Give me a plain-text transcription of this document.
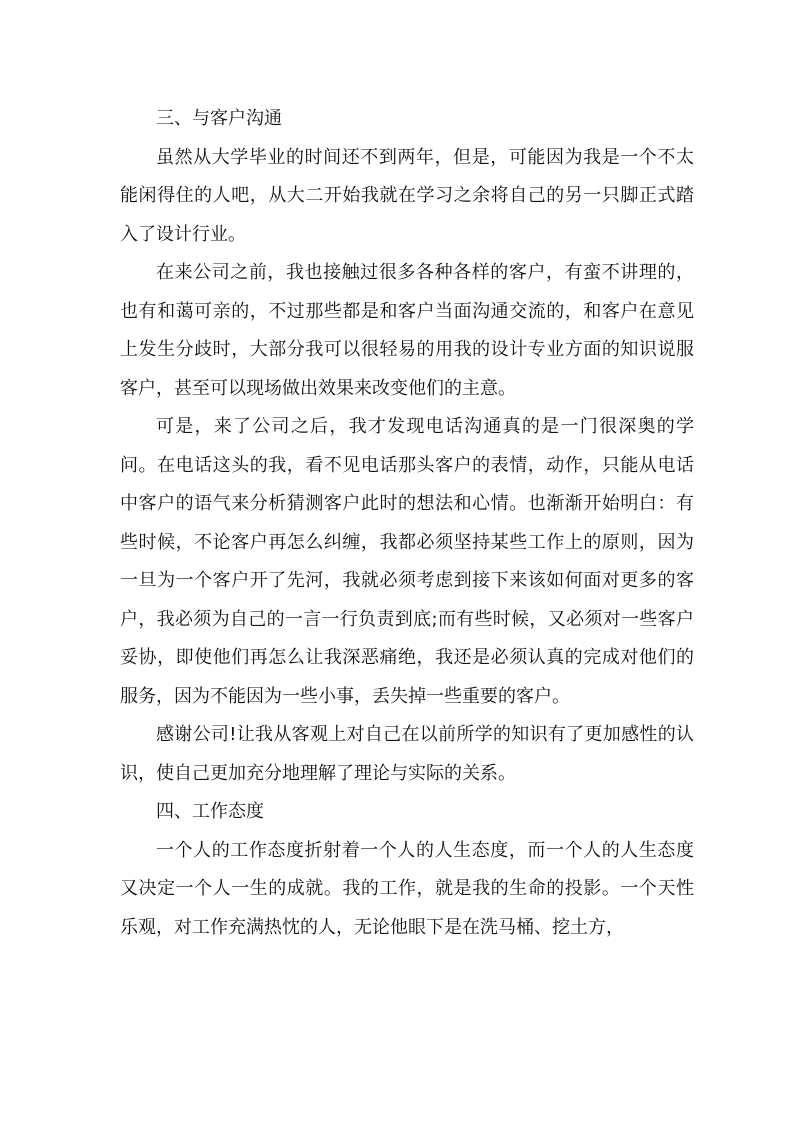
三、与客户沟通

虽然从大学毕业的时间还不到两年，但是，可能因为我是一个不太能闲得住的人吧，从大二开始我就在学习之余将自己的另一只脚正式踏入了设计行业。

在来公司之前，我也接触过很多各种各样的客户，有蛮不讲理的，也有和蔼可亲的，不过那些都是和客户当面沟通交流的，和客户在意见上发生分歧时，大部分我可以很轻易的用我的设计专业方面的知识说服客户，甚至可以现场做出效果来改变他们的主意。

可是，来了公司之后，我才发现电话沟通真的是一门很深奥的学问。在电话这头的我，看不见电话那头客户的表情，动作，只能从电话中客户的语气来分析猜测客户此时的想法和心情。也渐渐开始明白：有些时候，不论客户再怎么纠缠，我都必须坚持某些工作上的原则，因为一旦为一个客户开了先河，我就必须考虑到接下来该如何面对更多的客户，我必须为自己的一言一行负责到底;而有些时候，又必须对一些客户妥协，即使他们再怎么让我深恶痛绝，我还是必须认真的完成对他们的服务，因为不能因为一些小事，丢失掉一些重要的客户。

感谢公司!让我从客观上对自己在以前所学的知识有了更加感性的认识，使自己更加充分地理解了理论与实际的关系。

四、工作态度

一个人的工作态度折射着一个人的人生态度，而一个人的人生态度又决定一个人一生的成就。我的工作，就是我的生命的投影。一个天性乐观，对工作充满热忱的人，无论他眼下是在洗马桶、挖土方，
